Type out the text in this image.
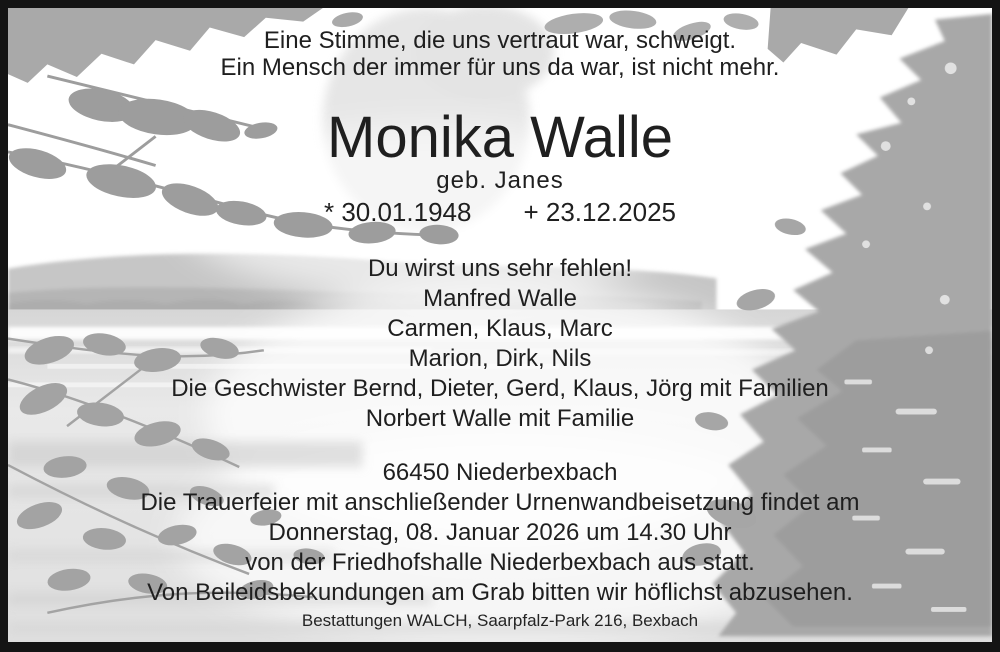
Eine Stimme, die uns vertraut war, schweigt.
Ein Mensch der immer für uns da war, ist nicht mehr.
Monika Walle
geb. Janes
* 30.01.1948 + 23.12.2025
Du wirst uns sehr fehlen!
Manfred Walle
Carmen, Klaus, Marc
Marion, Dirk, Nils
Die Geschwister Bernd, Dieter, Gerd, Klaus, Jörg mit Familien
Norbert Walle mit Familie
66450 Niederbexbach
Die Trauerfeier mit anschließender Urnenwandbeisetzung findet am
Donnerstag, 08. Januar 2026 um 14.30 Uhr
von der Friedhofshalle Niederbexbach aus statt.
Von Beileidsbekundungen am Grab bitten wir höflichst abzusehen.
Bestattungen WALCH, Saarpfalz-Park 216, Bexbach
